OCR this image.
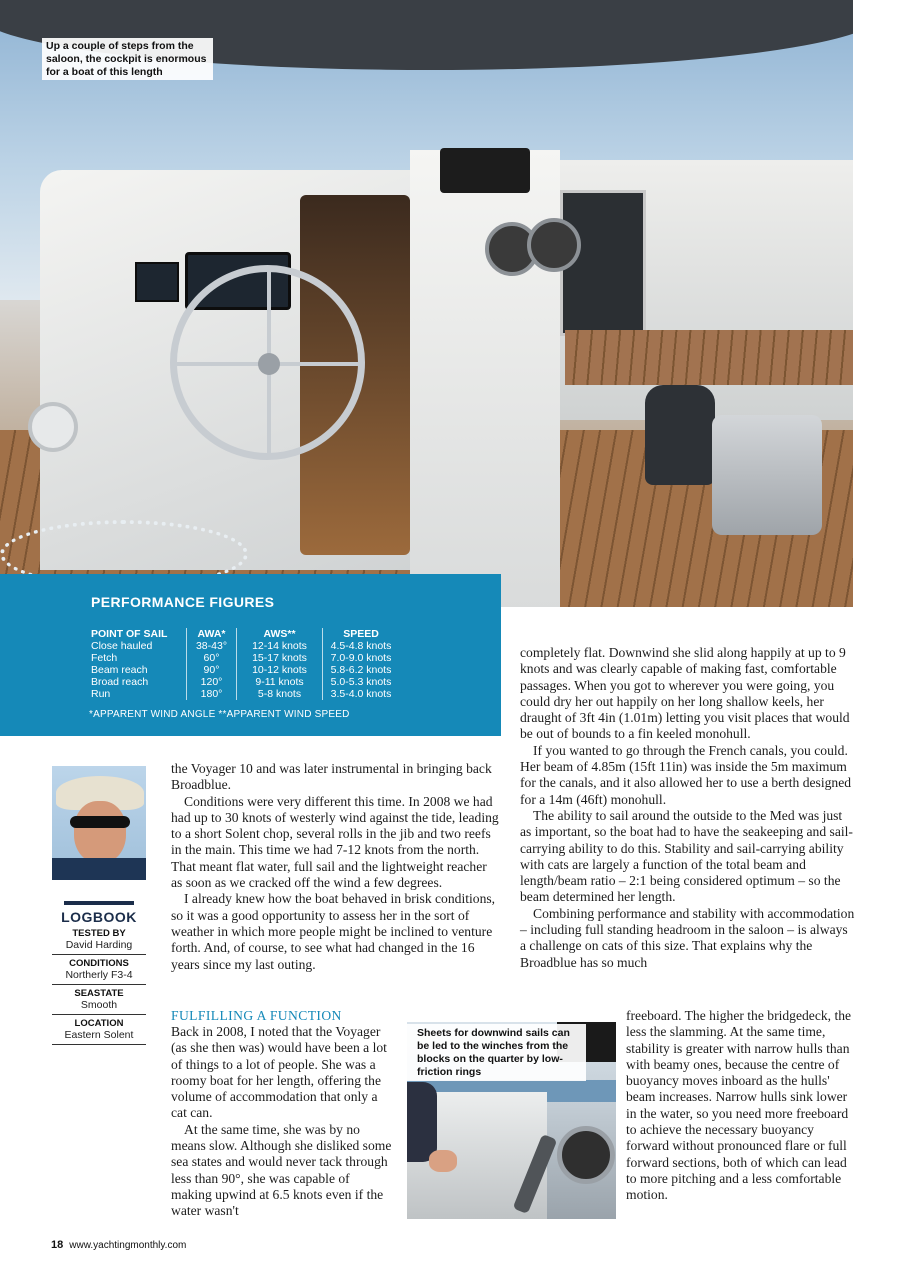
Up a couple of steps from the saloon, the cockpit is enormous for a boat of this length
PERFORMANCE FIGURES
POINT OF SAIL	AWA*	AWS**	SPEED
Close hauled	38-43°	12-14 knots	4.5-4.8 knots
Fetch	60°	15-17 knots	7.0-9.0 knots
Beam reach	90°	10-12 knots	5.8-6.2 knots
Broad reach	120°	9-11 knots	5.0-5.3 knots
Run	180°	5-8 knots	3.5-4.0 knots
*APPARENT WIND ANGLE **APPARENT WIND SPEED
LOGBOOK
TESTED BY
David Harding
CONDITIONS
Northerly F3-4
SEASTATE
Smooth
LOCATION
Eastern Solent

the Voyager 10 and was later instrumental in bringing back Broadblue.

Conditions were very different this time. In 2008 we had had up to 30 knots of westerly wind against the tide, leading to a short Solent chop, several rolls in the jib and two reefs in the main. This time we had 7-12 knots from the north. That meant flat water, full sail and the lightweight reacher as soon as we cracked off the wind a few degrees.

I already knew how the boat behaved in brisk conditions, so it was a good opportunity to assess her in the sort of weather in which more people might be inclined to venture forth. And, of course, to see what had changed in the 16 years since my last outing.

FULFILLING A FUNCTION

Back in 2008, I noted that the Voyager (as she then was) would have been a lot of things to a lot of people. She was a roomy boat for her length, offering the volume of accommodation that only a cat can.

At the same time, she was by no means slow. Although she disliked some sea states and would never tack through less than 90°, she was capable of making upwind at 6.5 knots even if the water wasn't

completely flat. Downwind she slid along happily at up to 9 knots and was clearly capable of making fast, comfortable passages. When you got to wherever you were going, you could dry her out happily on her long shallow keels, her draught of 3ft 4in (1.01m) letting you visit places that would be out of bounds to a fin keeled monohull.

If you wanted to go through the French canals, you could. Her beam of 4.85m (15ft 11in) was inside the 5m maximum for the canals, and it also allowed her to use a berth designed for a 14m (46ft) monohull.

The ability to sail around the outside to the Med was just as important, so the boat had to have the seakeeping and sail-carrying ability to do this. Stability and sail-carrying ability with cats are largely a function of the total beam and length/beam ratio – 2:1 being considered optimum – so the beam determined her length.

Combining performance and stability with accommodation – including full standing headroom in the saloon – is always a challenge on cats of this size. That explains why the Broadblue has so much

freeboard. The higher the bridgedeck, the less the slamming. At the same time, stability is greater with narrow hulls than with beamy ones, because the centre of buoyancy moves inboard as the hulls' beam increases. Narrow hulls sink lower in the water, so you need more freeboard to achieve the necessary buoyancy forward without pronounced flare or full forward sections, both of which can lead to more pitching and a less comfortable motion.

Sheets for downwind sails can be led to the winches from the blocks on the quarter by low-friction rings
18 www.yachtingmonthly.com
